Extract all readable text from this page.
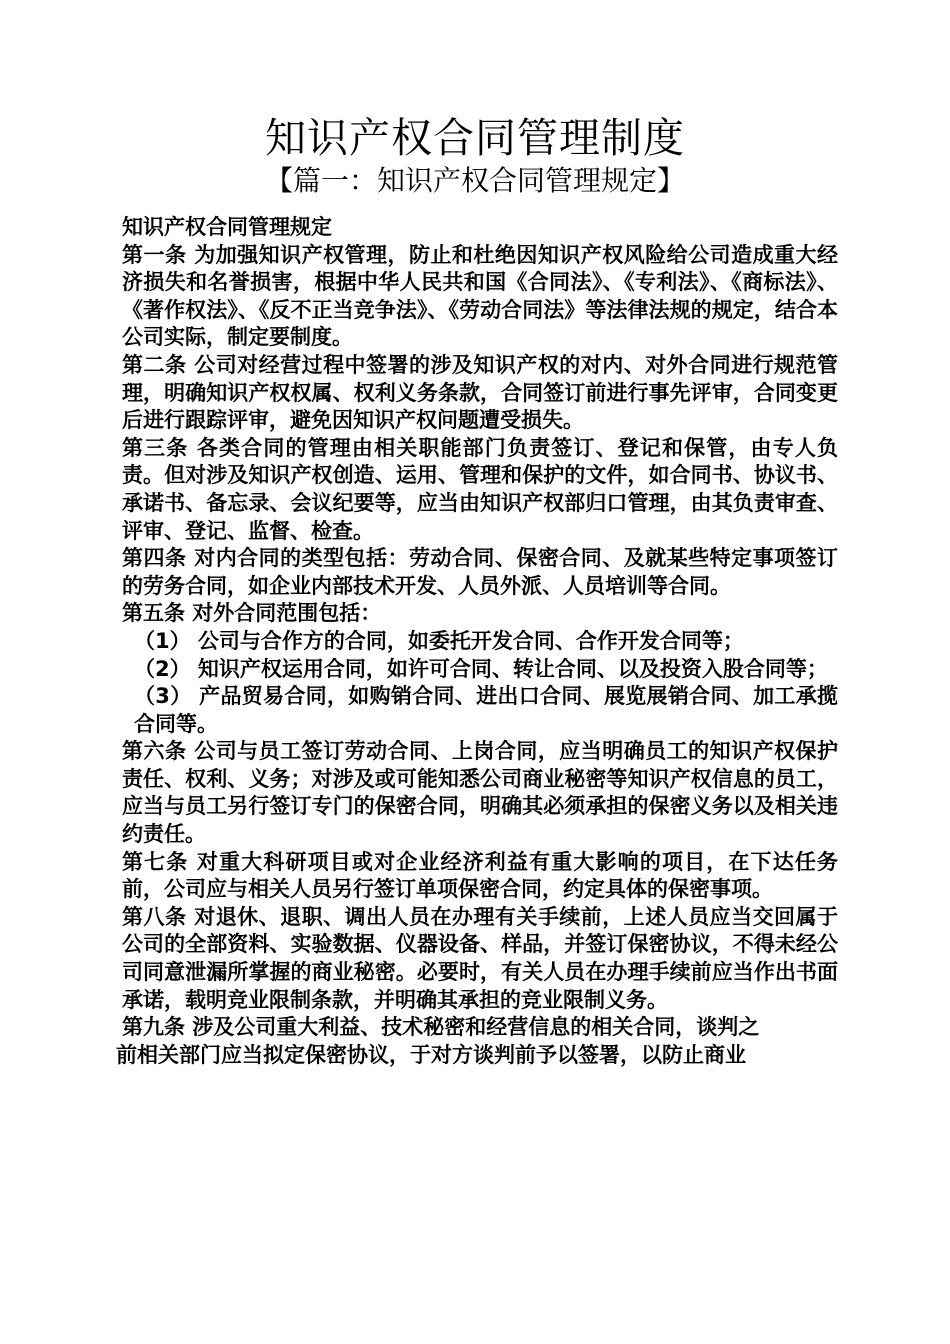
知识产权合同管理制度
【篇一：知识产权合同管理规定】

知识产权合同管理规定

第一条 为加强知识产权管理，防止和杜绝因知识产权风险给公司造成重大经济损失和名誉损害，根据中华人民共和国《合同法》、《专利法》、《商标法》、《著作权法》、《反不正当竞争法》、《劳动合同法》等法律法规的规定，结合本公司实际，制定要制度。

第二条 公司对经营过程中签署的涉及知识产权的对内、对外合同进行规范管理，明确知识产权权属、权利义务条款，合同签订前进行事先评审，合同变更后进行跟踪评审，避免因知识产权问题遭受损失。

第三条 各类合同的管理由相关职能部门负责签订、登记和保管，由专人负责。但对涉及知识产权创造、运用、管理和保护的文件，如合同书、协议书、承诺书、备忘录、会议纪要等，应当由知识产权部归口管理，由其负责审查、评审、登记、监督、检查。

第四条 对内合同的类型包括：劳动合同、保密合同、及就某些特定事项签订的劳务合同，如企业内部技术开发、人员外派、人员培训等合同。

第五条 对外合同范围包括：

（1） 公司与合作方的合同，如委托开发合同、合作开发合同等；

（2） 知识产权运用合同，如许可合同、转让合同、以及投资入股合同等；

（3） 产品贸易合同，如购销合同、进出口合同、展览展销合同、加工承揽 合同等。

第六条 公司与员工签订劳动合同、上岗合同，应当明确员工的知识产权保护责任、权利、义务；对涉及或可能知悉公司商业秘密等知识产权信息的员工，应当与员工另行签订专门的保密合同，明确其必须承担的保密义务以及相关违约责任。

第七条 对重大科研项目或对企业经济利益有重大影响的项目，在下达任务前，公司应与相关人员另行签订单项保密合同，约定具体的保密事项。

第八条 对退休、退职、调出人员在办理有关手续前，上述人员应当交回属于公司的全部资料、实验数据、仪器设备、样品，并签订保密协议，不得未经公司同意泄漏所掌握的商业秘密。必要时，有关人员在办理手续前应当作出书面承诺，载明竞业限制条款，并明确其承担的竞业限制义务。

第九条 涉及公司重大利益、技术秘密和经营信息的相关合同，谈判之

前相关部门应当拟定保密协议，于对方谈判前予以签署，以防止商业
